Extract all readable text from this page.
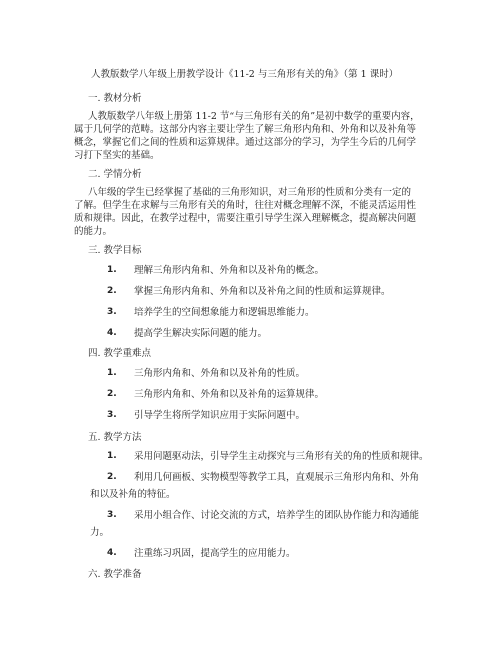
人教版数学八年级上册教学设计《11-2 与三角形有关的角》（第 1 课时）
一. 教材分析
人教版数学八年级上册第 11-2 节“与三角形有关的角”是初中数学的重要内容，
属于几何学的范畴。这部分内容主要让学生了解三角形内角和、外角和以及补角等
概念，掌握它们之间的性质和运算规律。通过这部分的学习，为学生今后的几何学
习打下坚实的基础。
二. 学情分析
八年级的学生已经掌握了基础的三角形知识，对三角形的性质和分类有一定的
了解。但学生在求解与三角形有关的角时，往往对概念理解不深，不能灵活运用性
质和规律。因此，在教学过程中，需要注重引导学生深入理解概念，提高解决问题
的能力。
三. 教学目标
1. 理解三角形内角和、外角和以及补角的概念。
2. 掌握三角形内角和、外角和以及补角之间的性质和运算规律。
3. 培养学生的空间想象能力和逻辑思维能力。
4. 提高学生解决实际问题的能力。
四. 教学重难点
1. 三角形内角和、外角和以及补角的性质。
2. 三角形内角和、外角和以及补角的运算规律。
3. 引导学生将所学知识应用于实际问题中。
五. 教学方法
1. 采用问题驱动法，引导学生主动探究与三角形有关的角的性质和规律。
2. 利用几何画板、实物模型等教学工具，直观展示三角形内角和、外角
和以及补角的特征。
3. 采用小组合作、讨论交流的方式，培养学生的团队协作能力和沟通能
力。
4. 注重练习巩固，提高学生的应用能力。
六. 教学准备
